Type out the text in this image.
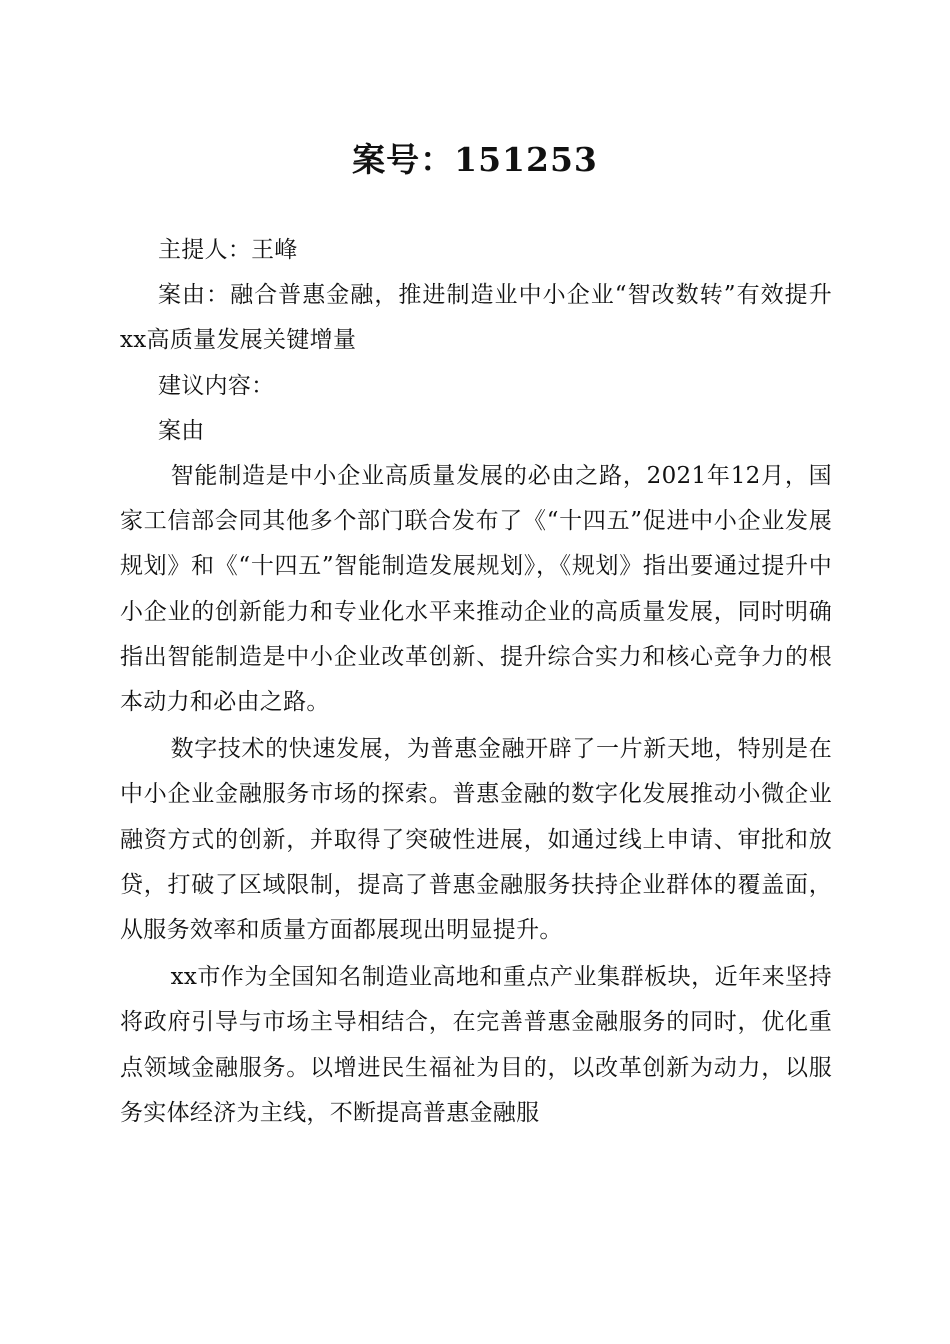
案号：151253

主提人：王峰

案由：融合普惠金融，推进制造业中小企业“智改数转”有效提升xx高质量发展关键增量

建议内容：

案由

智能制造是中小企业高质量发展的必由之路，2021年12月，国家工信部会同其他多个部门联合发布了《“十四五”促进中小企业发展规划》和《“十四五”智能制造发展规划》，《规划》指出要通过提升中小企业的创新能力和专业化水平来推动企业的高质量发展，同时明确指出智能制造是中小企业改革创新、提升综合实力和核心竞争力的根本动力和必由之路。

数字技术的快速发展，为普惠金融开辟了一片新天地，特别是在中小企业金融服务市场的探索。普惠金融的数字化发展推动小微企业融资方式的创新，并取得了突破性进展，如通过线上申请、审批和放贷，打破了区域限制，提高了普惠金融服务扶持企业群体的覆盖面，从服务效率和质量方面都展现出明显提升。

xx市作为全国知名制造业高地和重点产业集群板块，近年来坚持将政府引导与市场主导相结合，在完善普惠金融服务的同时，优化重点领域金融服务。以增进民生福祉为目的，以改革创新为动力，以服务实体经济为主线，不断提高普惠金融服
